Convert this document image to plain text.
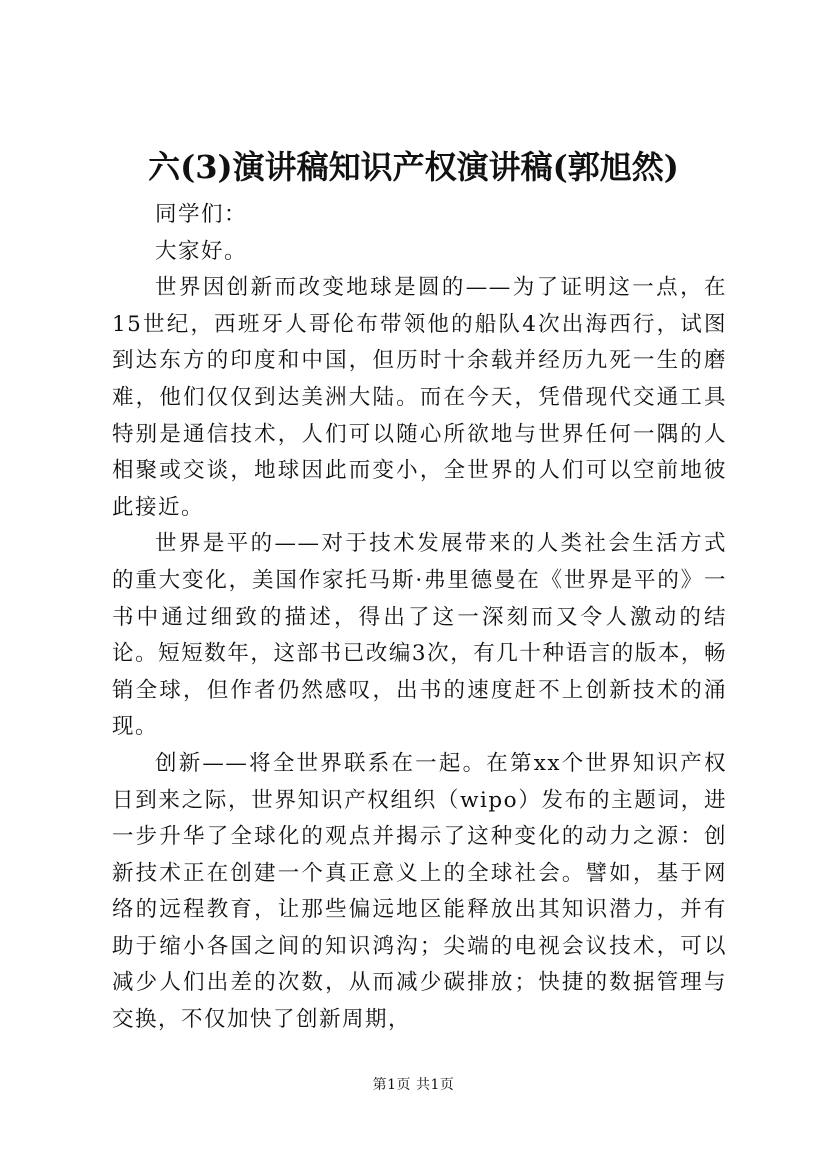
六(3)演讲稿知识产权演讲稿(郭旭然)

同学们：

大家好。

世界因创新而改变地球是圆的——为了证明这一点，在15世纪，西班牙人哥伦布带领他的船队4次出海西行，试图到达东方的印度和中国，但历时十余载并经历九死一生的磨难，他们仅仅到达美洲大陆。而在今天，凭借现代交通工具特别是通信技术，人们可以随心所欲地与世界任何一隅的人相聚或交谈，地球因此而变小，全世界的人们可以空前地彼此接近。

世界是平的——对于技术发展带来的人类社会生活方式的重大变化，美国作家托马斯·弗里德曼在《世界是平的》一书中通过细致的描述，得出了这一深刻而又令人激动的结论。短短数年，这部书已改编3次，有几十种语言的版本，畅销全球，但作者仍然感叹，出书的速度赶不上创新技术的涌现。

创新——将全世界联系在一起。在第xx个世界知识产权日到来之际，世界知识产权组织（wipo）发布的主题词，进一步升华了全球化的观点并揭示了这种变化的动力之源：创新技术正在创建一个真正意义上的全球社会。譬如，基于网络的远程教育，让那些偏远地区能释放出其知识潜力，并有助于缩小各国之间的知识鸿沟；尖端的电视会议技术，可以减少人们出差的次数，从而减少碳排放；快捷的数据管理与交换，不仅加快了创新周期，

第1页 共1页
